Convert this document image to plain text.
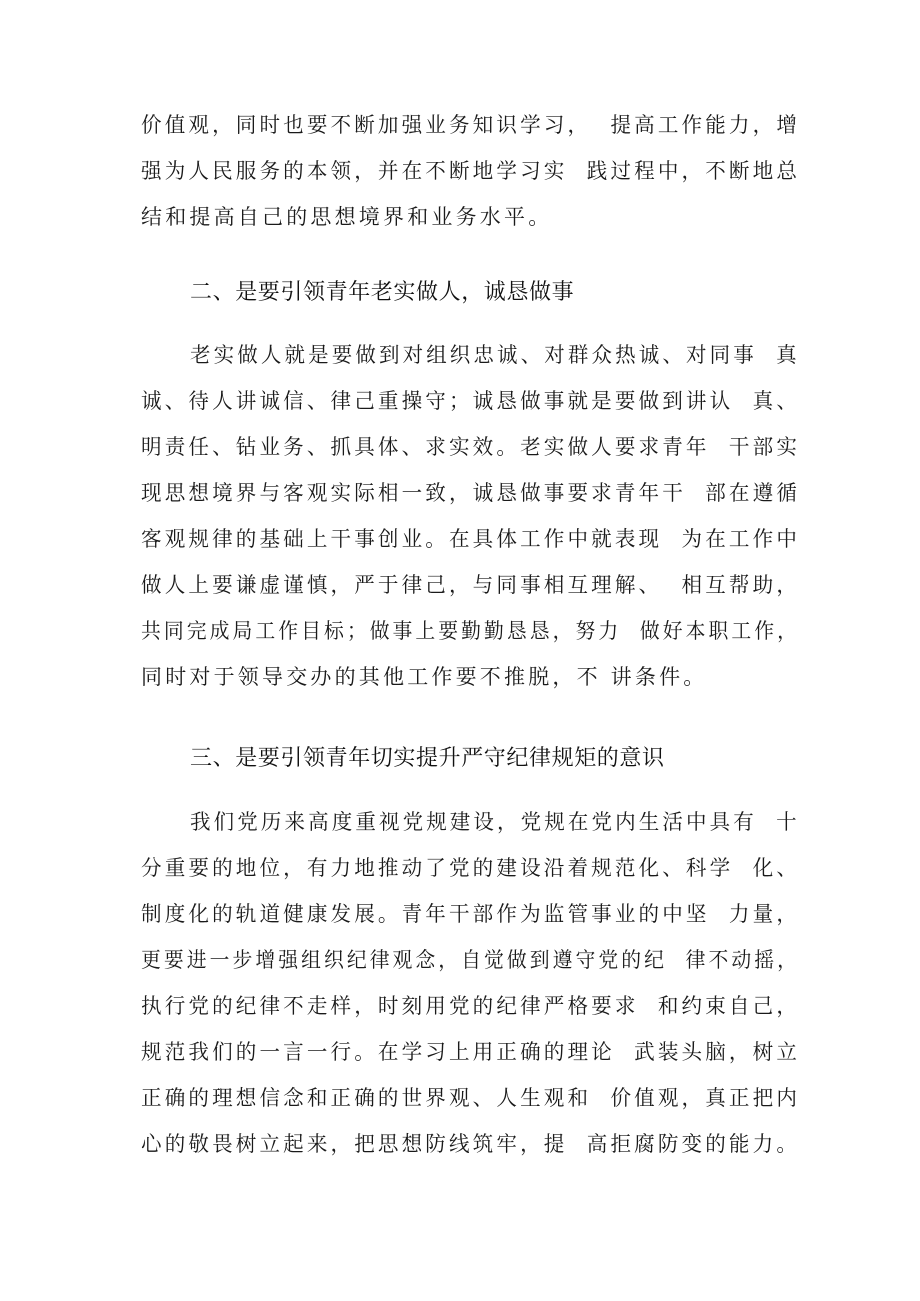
价值观，同时也要不断加强业务知识学习，  提高工作能力，增
强为人民服务的本领，并在不断地学习实  践过程中，不断地总
结和提高自己的思想境界和业务水平。
二、是要引领青年老实做人，诚恳做事
老实做人就是要做到对组织忠诚、对群众热诚、对同事  真
诚、待人讲诚信、律己重操守；诚恳做事就是要做到讲认  真、
明责任、钻业务、抓具体、求实效。老实做人要求青年  干部实
现思想境界与客观实际相一致，诚恳做事要求青年干  部在遵循
客观规律的基础上干事创业。在具体工作中就表现  为在工作中
做人上要谦虚谨慎，严于律己，与同事相互理解、  相互帮助，
共同完成局工作目标；做事上要勤勤恳恳，努力  做好本职工作，
同时对于领导交办的其他工作要不推脱，不 讲条件。
三、是要引领青年切实提升严守纪律规矩的意识
我们党历来高度重视党规建设，党规在党内生活中具有  十
分重要的地位，有力地推动了党的建设沿着规范化、科学  化、
制度化的轨道健康发展。青年干部作为监管事业的中坚  力量，
更要进一步增强组织纪律观念，自觉做到遵守党的纪  律不动摇，
执行党的纪律不走样，时刻用党的纪律严格要求  和约束自己，
规范我们的一言一行。在学习上用正确的理论  武装头脑，树立
正确的理想信念和正确的世界观、人生观和  价值观，真正把内
心的敬畏树立起来，把思想防线筑牢，提  高拒腐防变的能力。
